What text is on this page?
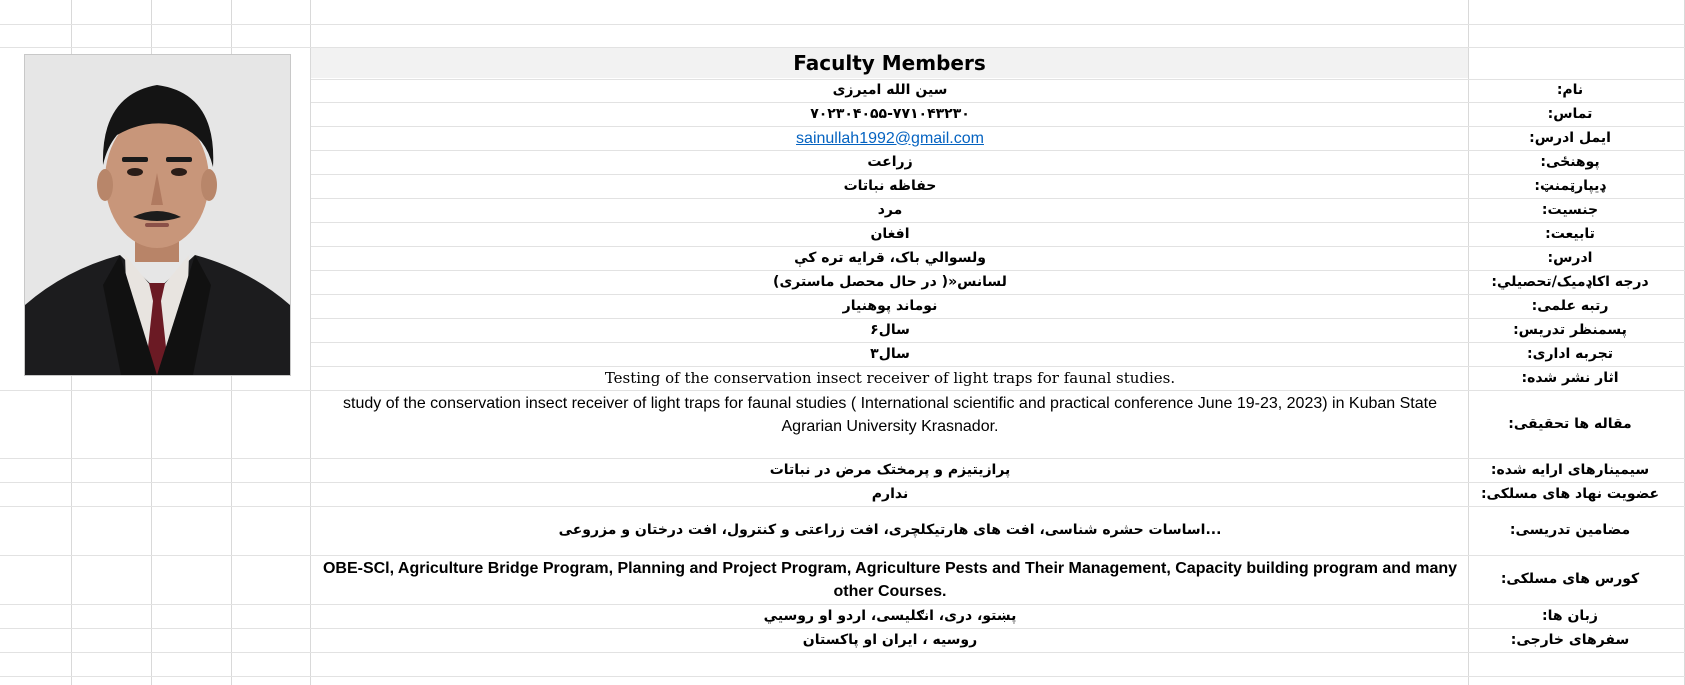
Faculty Members
نام:
سین الله امیرزی
تماس:
۷۰۲۳۰۴۰۵۵-۷۷۱۰۴۳۲۳۰
ایمل ادرس:
sainullah1992@gmail.com
پوهنځی:
زراعت
ډیپارټمنټ:
حفاظه نباتات
جنسیت:
مرد
تابیعت:
افغان
ادرس:
ولسوالي باک، قرایه تره کې
درجه اکاډمیک/تحصیلي:
لسانس«( در حال محصل ماستری)
رتبه علمی:
نوماند پوهنیار
پسمنظر تدریس:
۶سال
تجربه اداری:
۳سال
اثار نشر شده:
Testing of the conservation insect receiver of light traps for faunal studies.
مقاله ها تحقیقی:
study of the conservation insect receiver of light traps for faunal studies ( International scientific and practical conference June 19-23, 2023) in Kuban State Agrarian University Krasnador.
سیمینارهای ارایه شده:
پرازیتیزم و پرمختک مرض در نباتات
عضویت نهاد های مسلکی:
ندارم
مضامین تدریسی:
اساسات حشره شناسی، افت های هارتیکلچری، افت زراعتی و کنترول، افت درختان و مزروعی...
کورس های مسلکی:
OBE-SCl, Agriculture Bridge Program, Planning and Project Program, Agriculture Pests and Their Management, Capacity building program and many other Courses.
زبان ها:
پښتو، دری، انګلیسی، اردو او روسيي
سفرهای خارجی:
روسیه ، ایران او پاکستان
